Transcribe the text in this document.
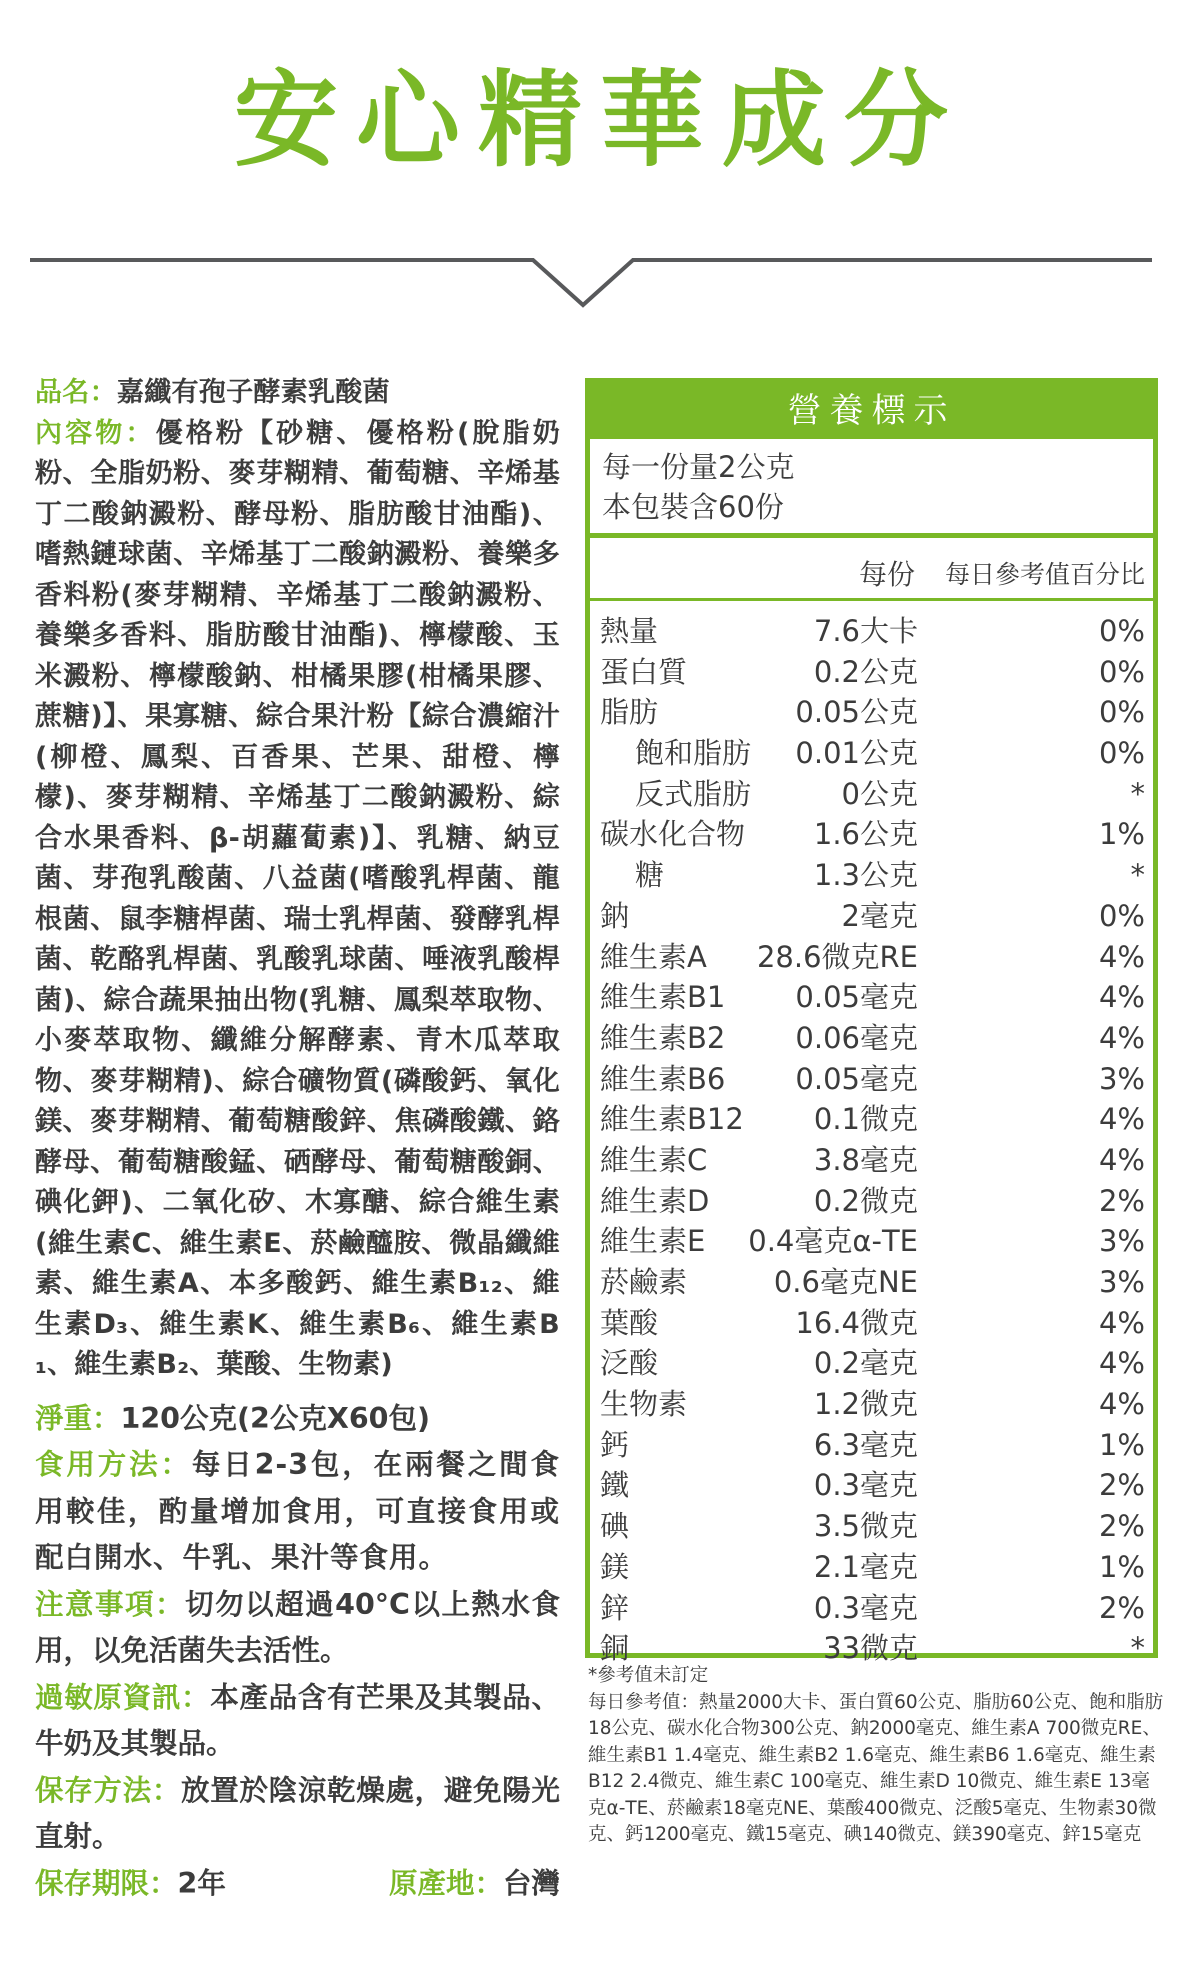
安心精華成分
品名：嘉纖有孢子酵素乳酸菌
內容物：優格粉【砂糖、優格粉(脫脂奶粉、全脂奶粉、麥芽糊精、葡萄糖、辛烯基丁二酸鈉澱粉、酵母粉、脂肪酸甘油酯)、嗜熱鏈球菌、辛烯基丁二酸鈉澱粉、養樂多香料粉(麥芽糊精、辛烯基丁二酸鈉澱粉、養樂多香料、脂肪酸甘油酯)、檸檬酸、玉米澱粉、檸檬酸鈉、柑橘果膠(柑橘果膠、蔗糖)】、果寡糖、綜合果汁粉【綜合濃縮汁(柳橙、鳳梨、百香果、芒果、甜橙、檸檬)、麥芽糊精、辛烯基丁二酸鈉澱粉、綜合水果香料、β-胡蘿蔔素)】、乳糖、納豆菌、芽孢乳酸菌、八益菌(嗜酸乳桿菌、龍根菌、鼠李糖桿菌、瑞士乳桿菌、發酵乳桿菌、乾酪乳桿菌、乳酸乳球菌、唾液乳酸桿菌)、綜合蔬果抽出物(乳糖、鳳梨萃取物、小麥萃取物、纖維分解酵素、青木瓜萃取物、麥芽糊精)、綜合礦物質(磷酸鈣、氧化鎂、麥芽糊精、葡萄糖酸鋅、焦磷酸鐵、鉻酵母、葡萄糖酸錳、硒酵母、葡萄糖酸銅、碘化鉀)、二氧化矽、木寡醣、綜合維生素(維生素C、維生素E、菸鹼醯胺、微晶纖維素、維生素A、本多酸鈣、維生素B₁₂、維生素D₃、維生素K、維生素B₆、維生素B₁、維生素B₂、葉酸、生物素)

淨重：120公克(2公克X60包)

食用方法：每日2-3包，在兩餐之間食用較佳，酌量增加食用，可直接食用或配白開水、牛乳、果汁等食用。

注意事項：切勿以超過40°C以上熱水食用，以免活菌失去活性。

過敏原資訊：本產品含有芒果及其製品、牛奶及其製品。

保存方法：放置於陰涼乾燥處，避免陽光直射。

保存期限：2年	原產地：台灣

營養標示
每一份量2公克
本包裝含60份
每份 每日參考值百分比
熱量	7.6大卡	0%
蛋白質	0.2公克	0%
脂肪	0.05公克	0%
飽和脂肪 0.01公克	0%
反式脂肪	0公克	*
碳水化合物 1.6公克	1%
糖	1.3公克	*
鈉	2毫克	0%
維生素A 28.6微克RE	4%
維生素B1 0.05毫克	4%
維生素B2 0.06毫克	4%
維生素B6 0.05毫克	3%
維生素B12 0.1微克	4%
維生素C	3.8毫克	4%
維生素D	0.2微克	2%
維生素E 0.4毫克α-TE	3%
菸鹼素	0.6毫克NE	3%
葉酸	16.4微克	4%
泛酸	0.2毫克	4%
生物素	1.2微克	4%
鈣	6.3毫克	1%
鐵	0.3毫克	2%
碘	3.5微克	2%
鎂	2.1毫克	1%
鋅	0.3毫克	2%
銅	33微克	*
*參考值未訂定
每日參考值：熱量2000大卡、蛋白質60公克、脂肪60公克、飽和脂肪18公克、碳水化合物300公克、鈉2000毫克、維生素A 700微克RE、維生素B1 1.4毫克、維生素B2 1.6毫克、維生素B6 1.6毫克、維生素B12 2.4微克、維生素C 100毫克、維生素D 10微克、維生素E 13毫克α-TE、菸鹼素18毫克NE、葉酸400微克、泛酸5毫克、生物素30微克、鈣1200毫克、鐵15毫克、碘140微克、鎂390毫克、鋅15毫克
